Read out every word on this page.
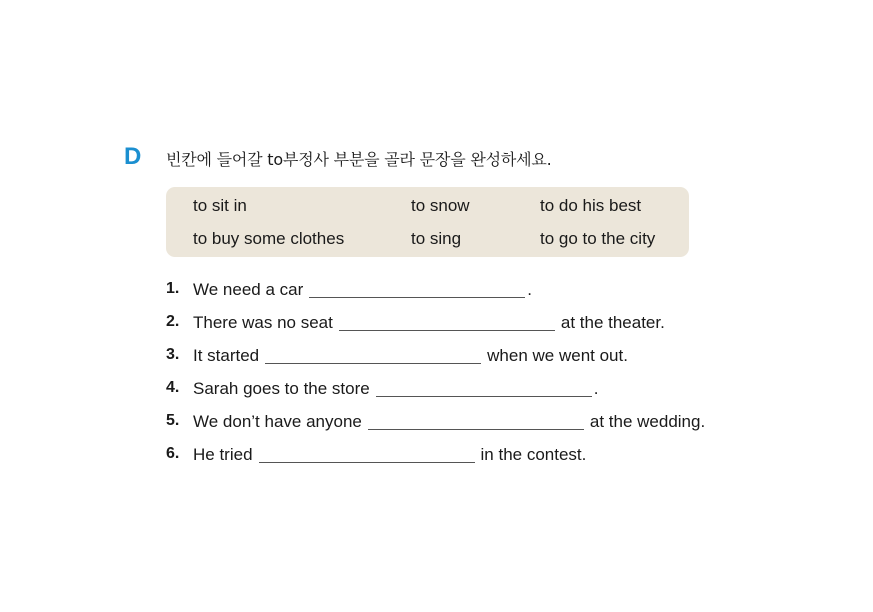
D 빈칸에 들어갈 to부정사 부분을 골라 문장을 완성하세요.
to sit in	to snow	to do his best
to buy some clothes	to sing	to go to the city
1. We need a car	.
2. There was no seat	at the theater.
3. It started	when we went out.
4. Sarah goes to the store	.
5. We don’t have anyone	at the wedding.
6. He tried	in the contest.
